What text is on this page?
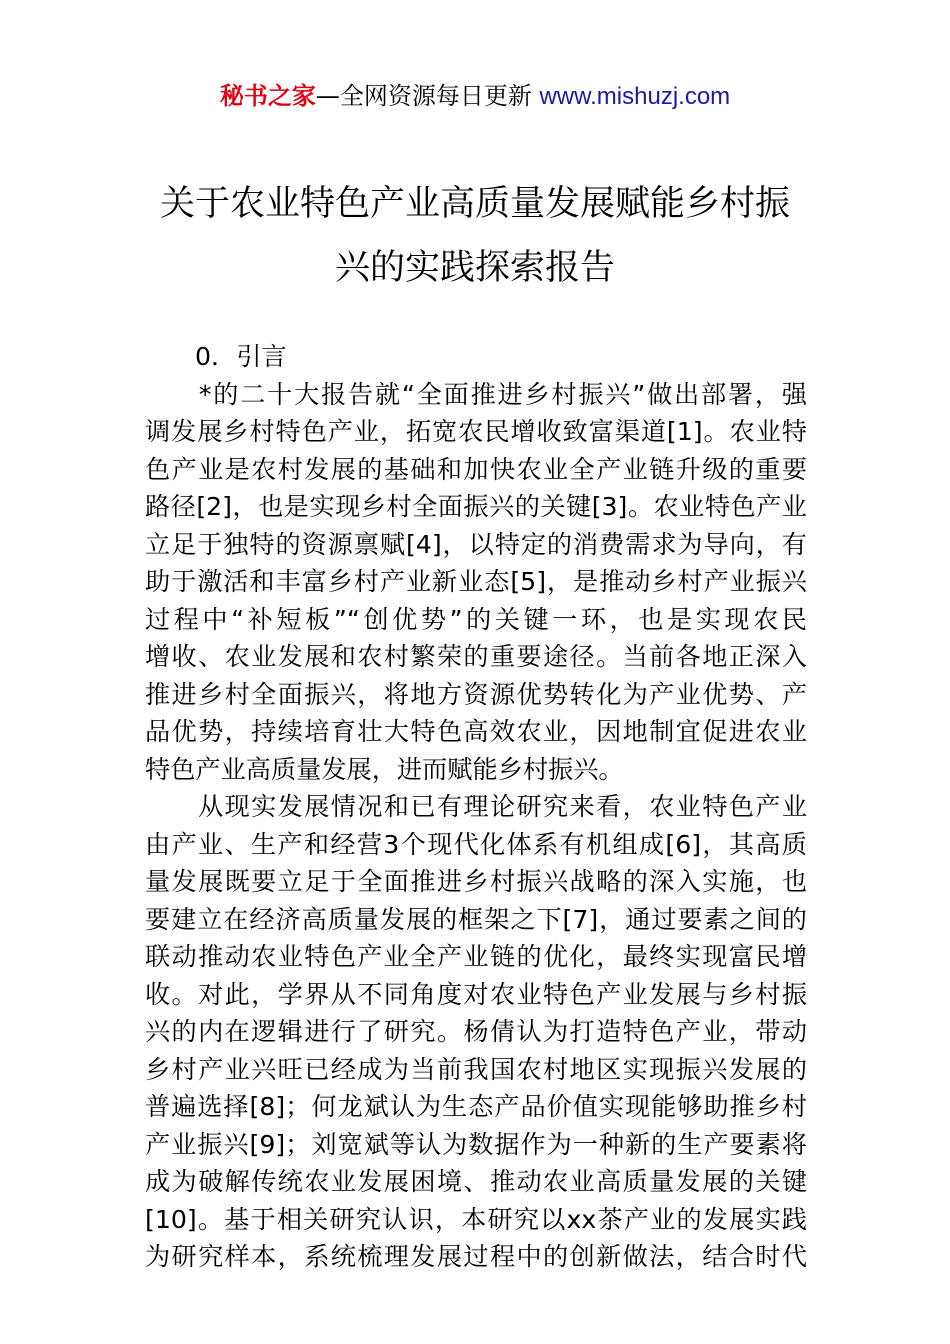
秘书之家—全网资源每日更新 www.mishuzj.com
关于农业特色产业高质量发展赋能乡村振
兴的实践探索报告
0．引言
　　*的二十大报告就“全面推进乡村振兴”做出部署，强
调发展乡村特色产业，拓宽农民增收致富渠道[1]。农业特
色产业是农村发展的基础和加快农业全产业链升级的重要
路径[2]，也是实现乡村全面振兴的关键[3]。农业特色产业
立足于独特的资源禀赋[4]，以特定的消费需求为导向，有
助于激活和丰富乡村产业新业态[5]，是推动乡村产业振兴
过程中“补短板”“创优势”的关键一环，也是实现农民
增收、农业发展和农村繁荣的重要途径。当前各地正深入
推进乡村全面振兴，将地方资源优势转化为产业优势、产
品优势，持续培育壮大特色高效农业，因地制宜促进农业
特色产业高质量发展，进而赋能乡村振兴。
　　从现实发展情况和已有理论研究来看，农业特色产业
由产业、生产和经营3个现代化体系有机组成[6]，其高质
量发展既要立足于全面推进乡村振兴战略的深入实施，也
要建立在经济高质量发展的框架之下[7]，通过要素之间的
联动推动农业特色产业全产业链的优化，最终实现富民增
收。对此，学界从不同角度对农业特色产业发展与乡村振
兴的内在逻辑进行了研究。杨倩认为打造特色产业，带动
乡村产业兴旺已经成为当前我国农村地区实现振兴发展的
普遍选择[8]；何龙斌认为生态产品价值实现能够助推乡村
产业振兴[9]；刘宽斌等认为数据作为一种新的生产要素将
成为破解传统农业发展困境、推动农业高质量发展的关键
[10]。基于相关研究认识，本研究以xx茶产业的发展实践
为研究样本，系统梳理发展过程中的创新做法，结合时代
